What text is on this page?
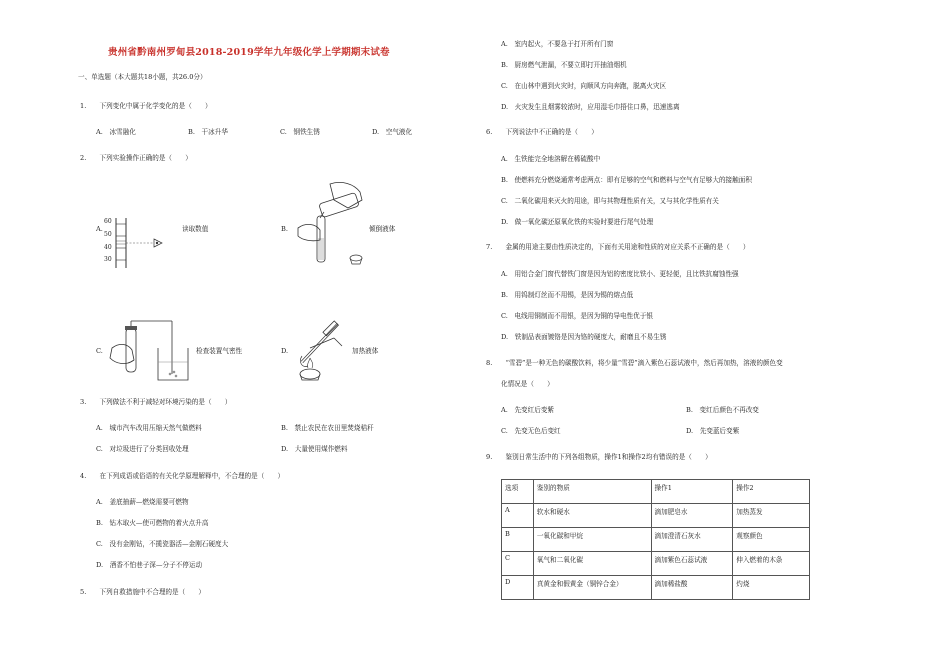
贵州省黔南州罗甸县2018-2019学年九年级化学上学期期末试卷
一、单选题（本大题共18小题，共26.0分）
1.　　下列变化中属于化学变化的是（　　）
A.　冰雪融化	B.　干冰升华	C.　钢铁生锈	D.　空气液化
2.　　下列实验操作正确的是（　　）
A.
60
50
40
30
读取数值	B.	倾倒液体
C.	检查装置气密性	D.	加热液体
3.　　下列做法不利于减轻对环境污染的是（　　）
A.　城市汽车改用压缩天然气做燃料	B.　禁止农民在农田里焚烧秸秆
C.　对垃圾进行了分类回收处理	D.　大量使用煤作燃料
4.　　在下列成语或俗语的有关化学原理解释中，不合理的是（　　）
A.　釜底抽薪—燃烧需要可燃物
B.　钻木取火—使可燃物的着火点升高
C.　没有金刚钻，不揽瓷器活—金刚石硬度大
D.　酒香不怕巷子深—分子不停运动
5.　　下列自救措施中不合理的是（　　）
A.　室内起火，不要急于打开所有门窗
B.　厨房燃气泄漏，不要立即打开抽油烟机
C.　在山林中遇到火灾时，向顺风方向奔跑，脱离火灾区
D.　火灾发生且烟雾较浓时，应用湿毛巾捂住口鼻，迅速逃离
6.　　下列说法中不正确的是（　　）
A.　生铁能完全地溶解在稀硫酸中
B.　使燃料充分燃烧通常考虑两点：即有足够的空气和燃料与空气有足够大的接触面积
C.　二氧化碳用来灭火的用途，即与其物理性质有关，又与其化学性质有关
D.　做一氧化碳还原氧化铁的实验时要进行尾气处理
7.　　金属的用途主要由性质决定的，下面有关用途和性质的对应关系不正确的是（　　）
A.　用铝合金门窗代替铁门窗是因为铝的密度比铁小、更轻便，且比铁抗腐蚀性强
B.　用钨制灯丝而不用锡，是因为锡的熔点低
C.　电线用铜制而不用银，是因为铜的导电性优于银
D.　铁制品表面镀铬是因为铬的硬度大，耐磨且不易生锈
8.　　“雪碧”是一种无色的碳酸饮料，将少量“雪碧”滴入紫色石蕊试液中，然后再加热，溶液的颜色变
化情况是（　　）
A.　先变红后变紫	B.　变红后颜色不再改变
C.　先变无色后变红	D.　先变蓝后变紫
9.　　鉴别日常生活中的下列各组物质，操作1和操作2均有错误的是（　　）
选项	鉴别的物质	操作1	操作2
A	软水和硬水	滴加肥皂水	加热蒸发
B	一氧化碳和甲烷	滴加澄清石灰水	观察颜色
C	氧气和二氧化碳	滴加紫色石蕊试液	伸入燃着的木条
D	真黄金和假黄金（铜锌合金）	滴加稀盐酸	灼烧
